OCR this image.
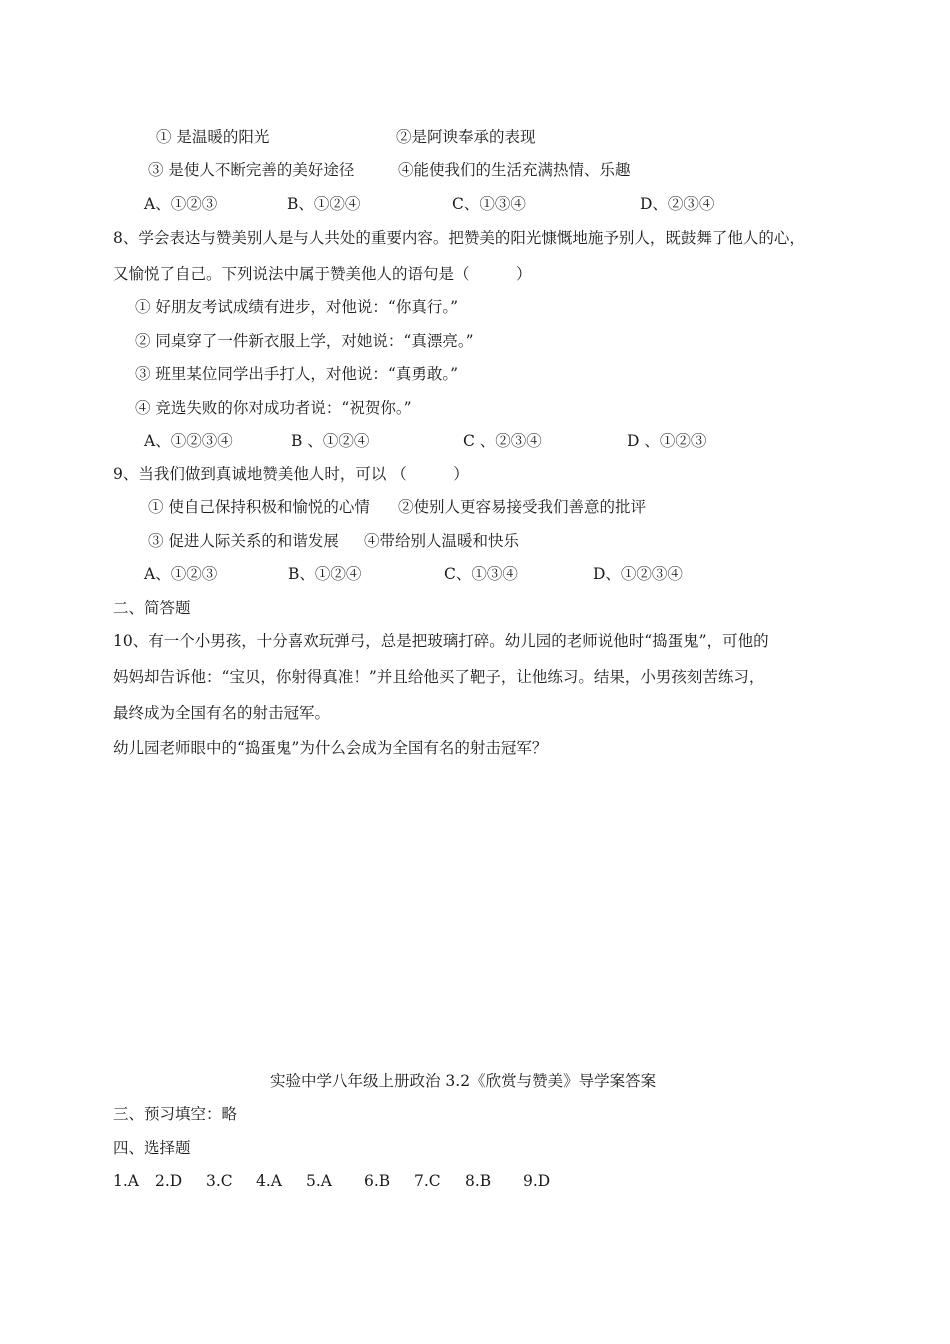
① 是温暖的阳光	②是阿谀奉承的表现
③ 是使人不断完善的美好途径	④能使我们的生活充满热情、乐趣
A、①②③	B、①②④	C、①③④	D、②③④
8、学会表达与赞美别人是与人共处的重要内容。把赞美的阳光慷慨地施予别人，既鼓舞了他人的心，
又愉悦了自己。下列说法中属于赞美他人的语句是（　　　）
① 好朋友考试成绩有进步，对他说：“你真行。”
② 同桌穿了一件新衣服上学，对她说：“真漂亮。”
③ 班里某位同学出手打人，对他说：“真勇敢。”
④ 竞选失败的你对成功者说：“祝贺你。”
A、①②③④	B 、①②④	C 、②③④	D 、①②③
9、当我们做到真诚地赞美他人时，可以 （　　　）
① 使自己保持积极和愉悦的心情 ②使别人更容易接受我们善意的批评
③ 促进人际关系的和谐发展 ④带给别人温暖和快乐
A、①②③	B、①②④	C、①③④	D、①②③④
二、简答题
10、有一个小男孩，十分喜欢玩弹弓，总是把玻璃打碎。幼儿园的老师说他时“捣蛋鬼”，可他的
妈妈却告诉他：“宝贝，你射得真准！”并且给他买了靶子，让他练习。结果，小男孩刻苦练习，
最终成为全国有名的射击冠军。
幼儿园老师眼中的“捣蛋鬼”为什么会成为全国有名的射击冠军？
实验中学八年级上册政治 3.2《欣赏与赞美》导学案答案
三、预习填空：略
四、选择题
1.A 2.D 3.C 4.A 5.A 6.B 7.C 8.B 9.D
